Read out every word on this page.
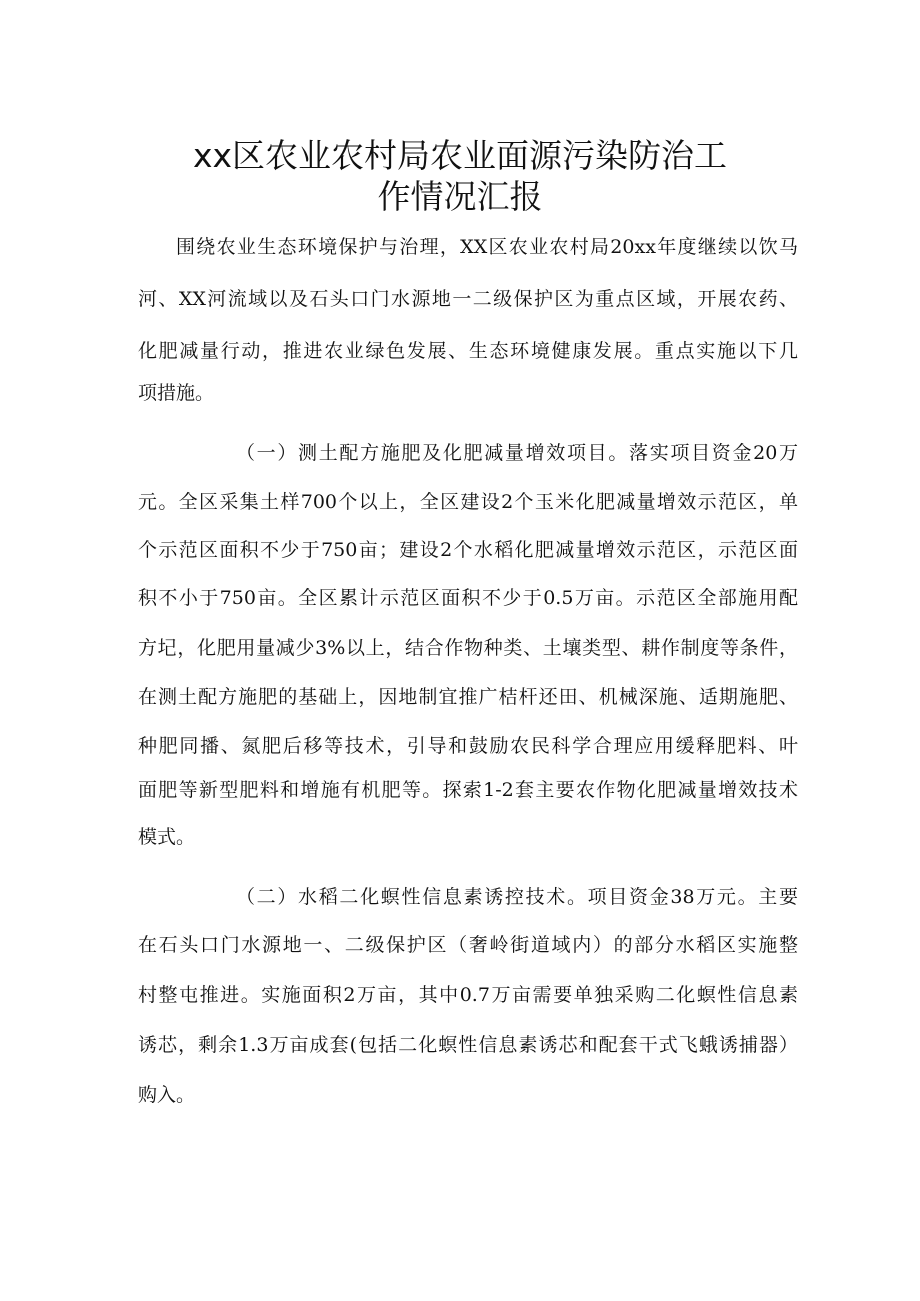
xx区农业农村局农业面源污染防治工
作情况汇报

围绕农业生态环境保护与治理，XX区农业农村局20xx年度继续以饮马

河、XX河流域以及石头口门水源地一二级保护区为重点区域，开展农药、

化肥减量行动，推进农业绿色发展、生态环境健康发展。重点实施以下几

项措施。

（一）测土配方施肥及化肥减量增效项目。落实项目资金20万

元。全区采集土样700个以上，全区建设2个玉米化肥减量增效示范区，单

个示范区面积不少于750亩；建设2个水稻化肥减量增效示范区，示范区面

积不小于750亩。全区累计示范区面积不少于0.5万亩。示范区全部施用配

方圮，化肥用量减少3%以上，结合作物种类、土壤类型、耕作制度等条件，

在测土配方施肥的基础上，因地制宜推广桔杆还田、机械深施、适期施肥、

种肥同播、氮肥后移等技术，引导和鼓励农民科学合理应用缓释肥料、叶

面肥等新型肥料和增施有机肥等。探索1-2套主要农作物化肥减量增效技术

模式。

（二）水稻二化螟性信息素诱控技术。项目资金38万元。主要

在石头口门水源地一、二级保护区（奢岭街道域内）的部分水稻区实施整

村整屯推进。实施面积2万亩，其中0.7万亩需要单独采购二化螟性信息素

诱芯，剩余1.3万亩成套(包括二化螟性信息素诱芯和配套干式飞蛾诱捕器）

购入。
